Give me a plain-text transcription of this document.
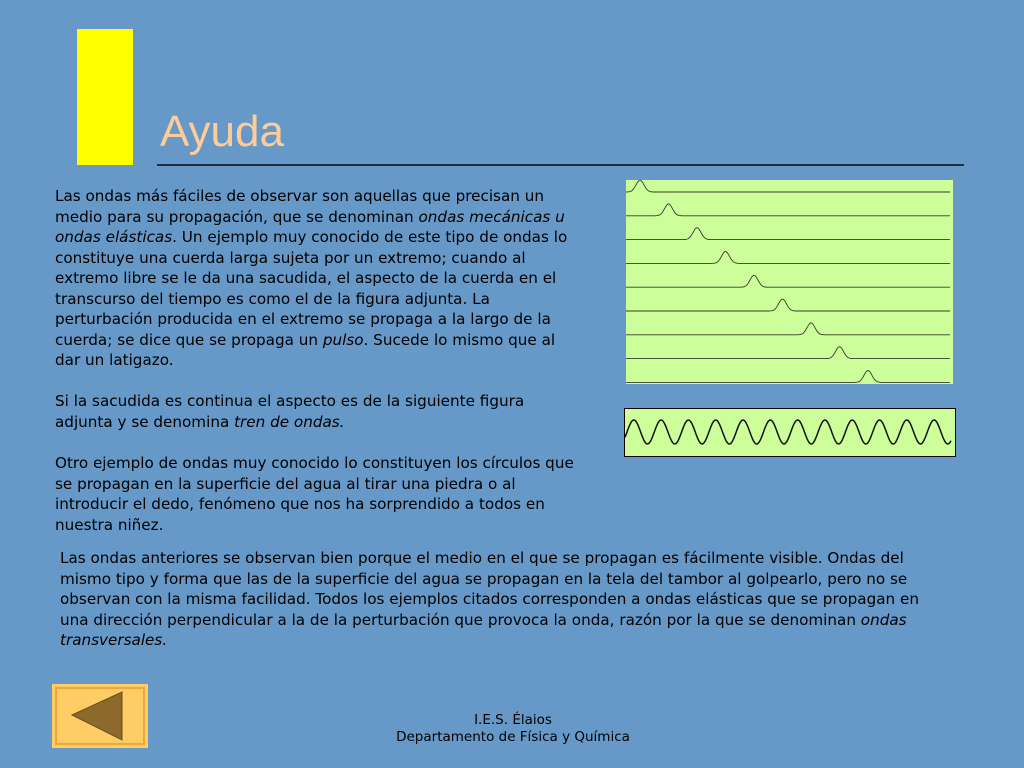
Ayuda

Las ondas más fáciles de observar son aquellas que precisan un medio para su propagación, que se denominan ondas mecánicas u ondas elásticas. Un ejemplo muy conocido de este tipo de ondas lo constituye una cuerda larga sujeta por un extremo; cuando al extremo libre se le da una sacudida, el aspecto de la cuerda en el transcurso del tiempo es como el de la figura adjunta. La perturbación producida en el extremo se propaga a la largo de la cuerda; se dice que se propaga un pulso. Sucede lo mismo que al dar un latigazo.

Si la sacudida es continua el aspecto es de la siguiente figura adjunta y se denomina tren de ondas.

Otro ejemplo de ondas muy conocido lo constituyen los círculos que se propagan en la superficie del agua al tirar una piedra o al introducir el dedo, fenómeno que nos ha sorprendido a todos en nuestra niñez.

Las ondas anteriores se observan bien porque el medio en el que se propagan es fácilmente visible. Ondas del mismo tipo y forma que las de la superficie del agua se propagan en la tela del tambor al golpearlo, pero no se observan con la misma facilidad. Todos los ejemplos citados corresponden a ondas elásticas que se propagan en una dirección perpendicular a la de la perturbación que provoca la onda, razón por la que se denominan ondas transversales.

I.E.S. Élaios
Departamento de Física y Química
